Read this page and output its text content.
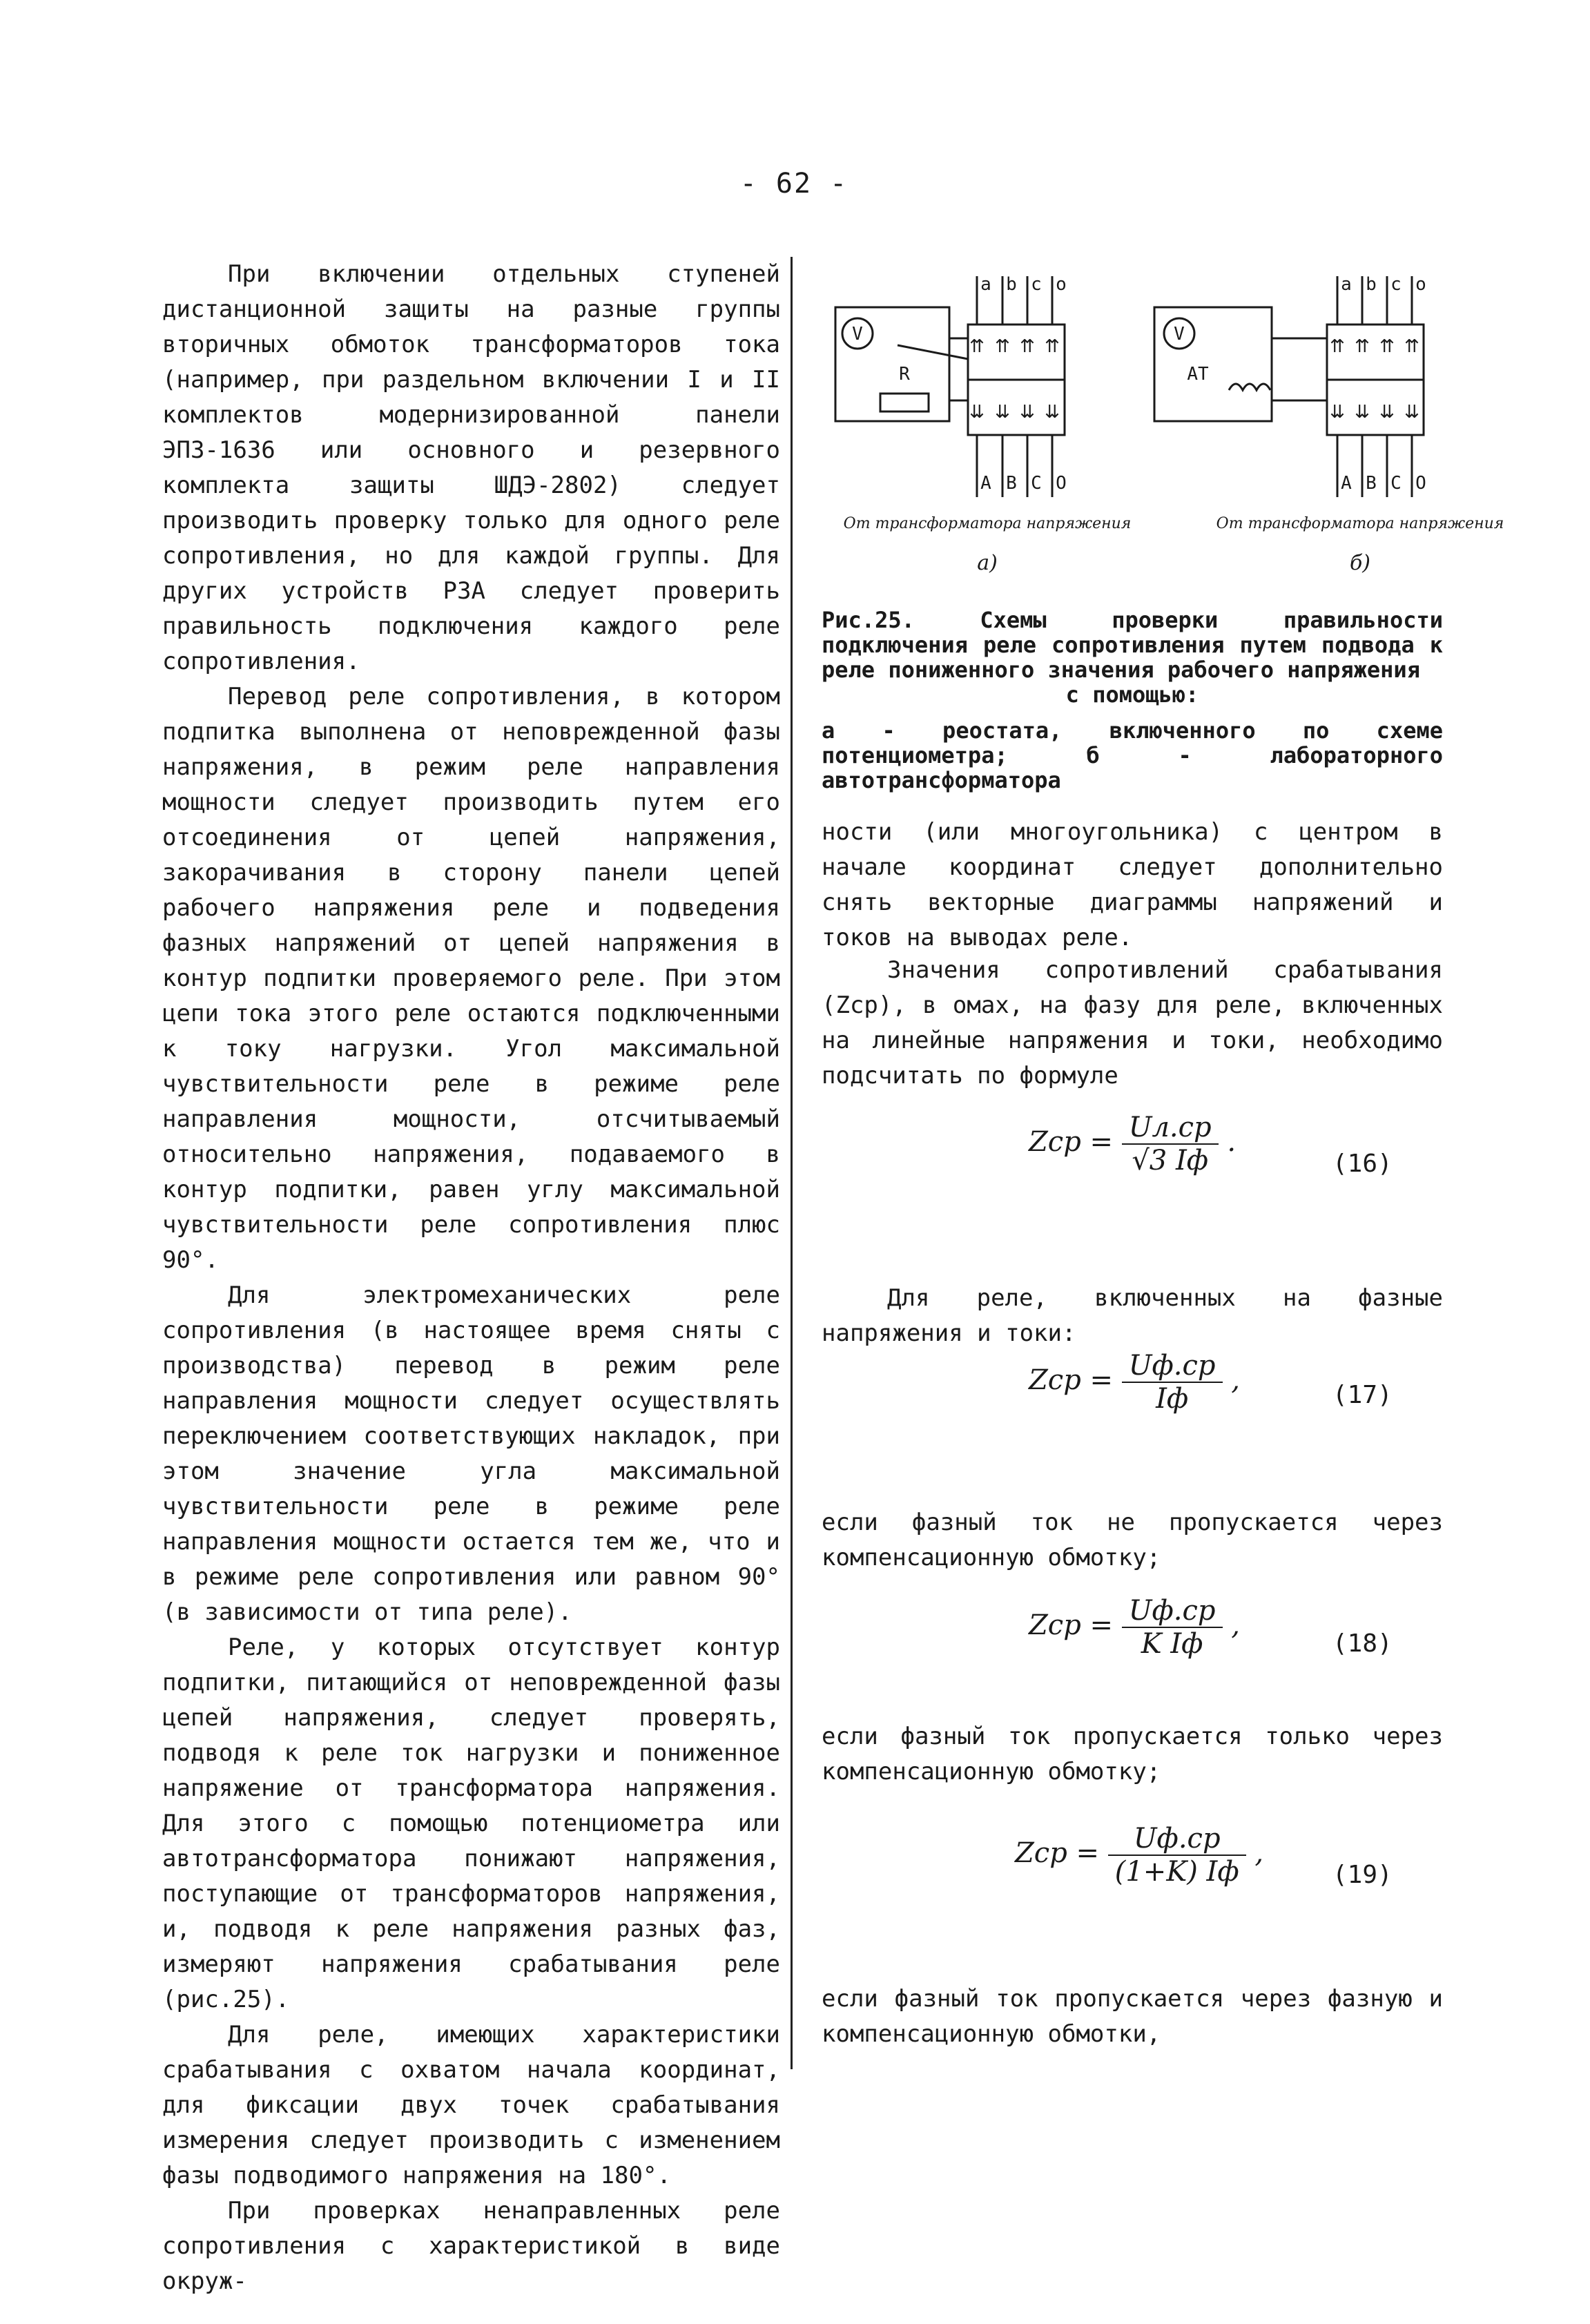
- 62 -

При включении отдельных ступеней дистанционной защиты на разные группы вторичных обмоток трансформаторов тока (например, при раздельном включении I и II комплектов модернизированной панели ЭПЗ-1636 или основного и резервного комплекта защиты ШДЭ-2802) следует производить проверку только для одного реле сопротивления, но для каждой группы. Для других устройств РЗА следует проверить правильность подключения каждого реле сопротивления.

Перевод реле сопротивления, в котором подпитка выполнена от неповрежденной фазы напряжения, в режим реле направления мощности следует производить путем его отсоединения от цепей напряжения, закорачивания в сторону панели цепей рабочего напряжения реле и подведения фазных напряжений от цепей напряжения в контур подпитки проверяемого реле. При этом цепи тока этого реле остаются подключенными к току нагрузки. Угол максимальной чувствительности реле в режиме реле направления мощности, отсчитываемый относительно напряжения, подаваемого в контур подпитки, равен углу максимальной чувствительности реле сопротивления плюс 90°.

Для электромеханических реле сопротивления (в настоящее время сняты с производства) перевод в режим реле направления мощности следует осуществлять переключением соответствующих накладок, при этом значение угла максимальной чувствительности реле в режиме реле направления мощности остается тем же, что и в режиме реле сопротивления или равном 90° (в зависимости от типа реле).

Реле, у которых отсутствует контур подпитки, питающийся от неповрежденной фазы цепей напряжения, следует проверять, подводя к реле ток нагрузки и пониженное напряжение от трансформатора напряжения. Для этого с помощью потенциометра или автотрансформатора понижают напряжения, поступающие от трансформаторов напряжения, и, подводя к реле напряжения разных фаз, измеряют напряжения срабатывания реле (рис.25).

Для реле, имеющих характеристики срабатывания с охватом начала координат, для фиксации двух точек срабатывания измерения следует производить с изменением фазы подводимого напряжения на 180°.

При проверках ненаправленных реле сопротивления с характеристикой в виде окруж-

⇈ ⇈ ⇈ ⇈
⇊ ⇊ ⇊ ⇊
⇈ ⇈ ⇈ ⇈
⇊ ⇊ ⇊ ⇊
a b c o
A B C O
V
R
a b c o
A B C O
V
AT
От трансформатора напряжения	От трансформатора напряжения
а)	б)
Рис.25. Схемы проверки правильности подключения реле сопротивления путем подвода к реле пониженного значения рабочего напряжения
с помощью:
а - реостата, включенного по схеме потенциометра; б - лабораторного автотрансформатора

ности (или многоугольника) с центром в начале координат следует дополнительно снять векторные диаграммы напряжений и токов на выводах реле.

Значения сопротивлений срабатывания (Zср), в омах, на фазу для реле, включенных на линейные напряжения и токи, необходимо подсчитать по формуле

Zср = $\frac{Uл.ср}{√3 Iф}$ .
(16)

Для реле, включенных на фазные напряжения и токи:

Zср = $\frac{Uф.ср}{Iф}$ ,	(17)

если фазный ток не пропускается через компенсационную обмотку;

Zср = $\frac{Uф.ср}{\text{K Iф}}$ ,
(18)

если фазный ток пропускается только через компенсационную обмотку;

Zср = $\frac{Uф.ср}{(1+K) Iф}$ ,
(19)

если фазный ток пропускается через фазную и компенсационную обмотки,
